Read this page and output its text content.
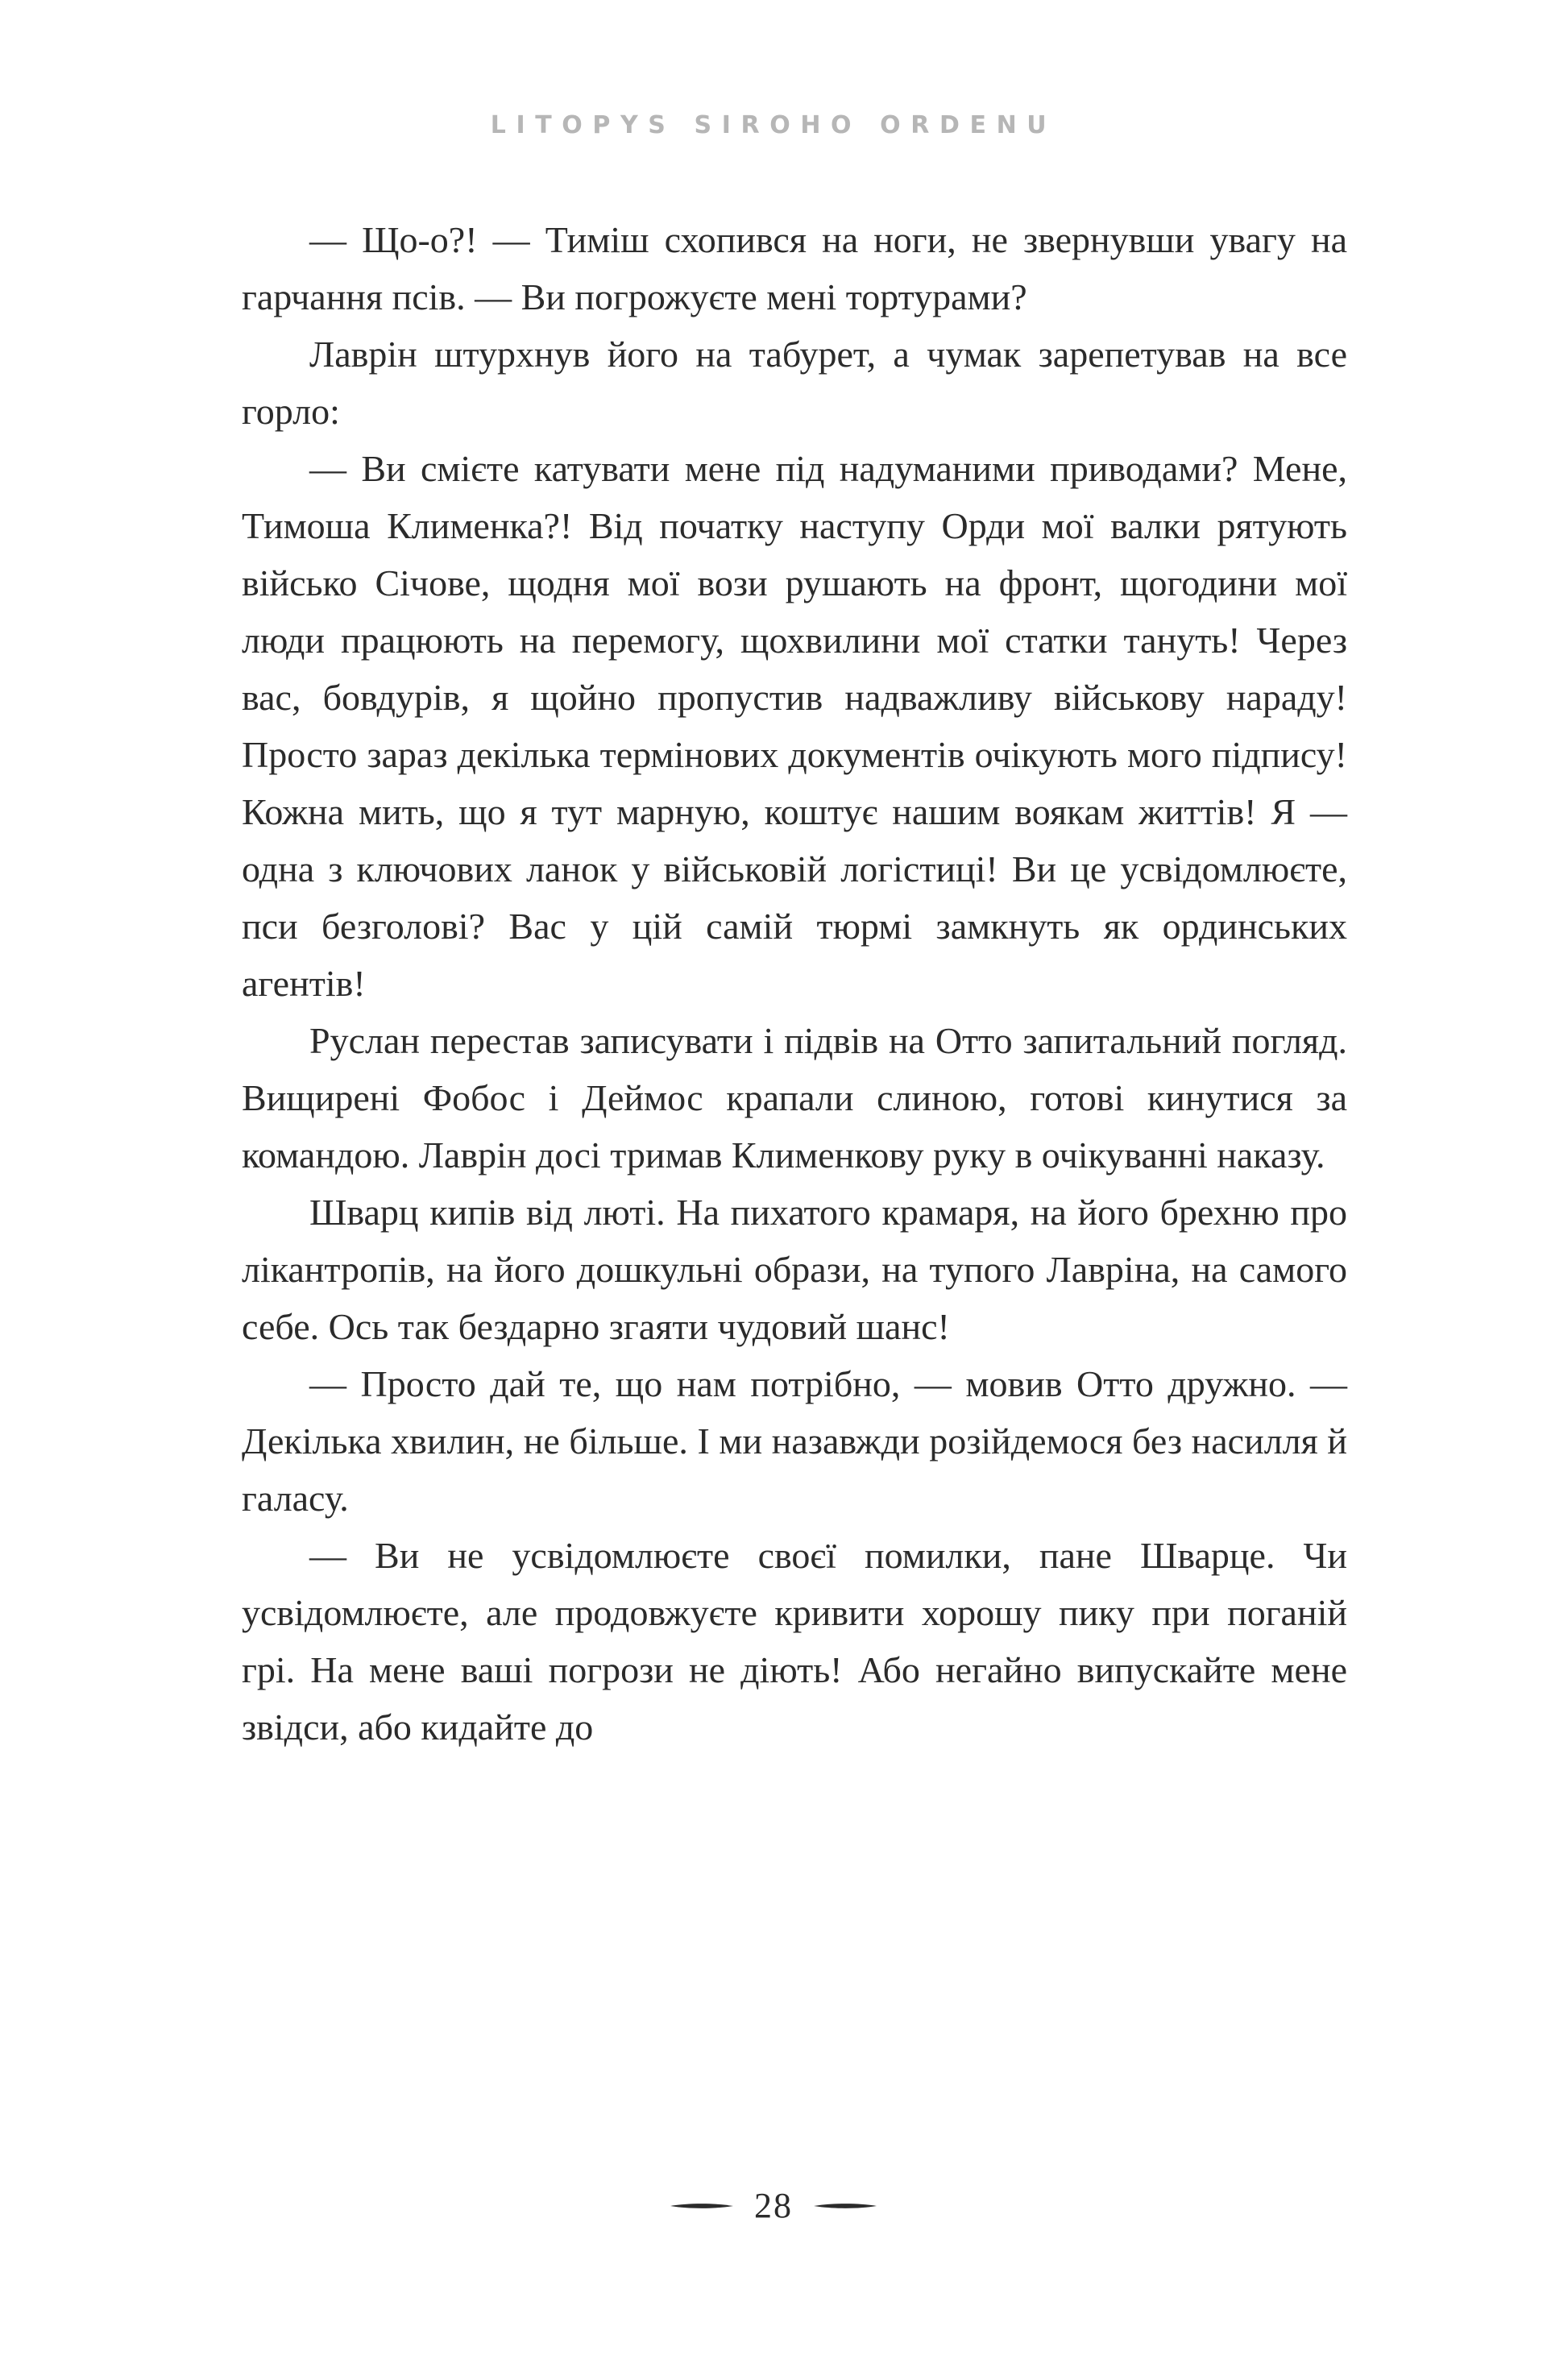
LITOPYS SIROHO ORDENU

— Що-о?! — Тиміш схопився на ноги, не звернувши увагу на гарчання псів. — Ви погрожуєте мені тортурами?

Лаврін штурхнув його на табурет, а чумак зарепетував на все горло:

— Ви смієте катувати мене під надуманими приводами? Мене, Тимоша Клименка?! Від початку наступу Орди мої валки рятують військо Січове, щодня мої вози рушають на фронт, щогодини мої люди працюють на перемогу, щохвилини мої статки тануть! Через вас, бовдурів, я щойно пропустив надважливу військову нараду! Просто зараз декілька термінових документів очікують мого підпису! Кожна мить, що я тут марную, коштує нашим воякам життів! Я — одна з ключових ланок у військовій логістиці! Ви це усвідомлюєте, пси безголові? Вас у цій самій тюрмі замкнуть як ординських агентів!

Руслан перестав записувати і підвів на Отто запитальний погляд. Вищирені Фобос і Деймос крапали слиною, готові кинутися за командою. Лаврін досі тримав Клименкову руку в очікуванні наказу.

Шварц кипів від люті. На пихатого крамаря, на його брехню про лікантропів, на його дошкульні образи, на тупого Лавріна, на самого себе. Ось так бездарно згаяти чудовий шанс!

— Просто дай те, що нам потрібно, — мовив Отто дружно. — Декілька хвилин, не більше. І ми назавжди розійдемося без насилля й галасу.

— Ви не усвідомлюєте своєї помилки, пане Шварце. Чи усвідомлюєте, але продовжуєте кривити хорошу пику при поганій грі. На мене ваші погрози не діють! Або негайно випускайте мене звідси, або кидайте до

28
